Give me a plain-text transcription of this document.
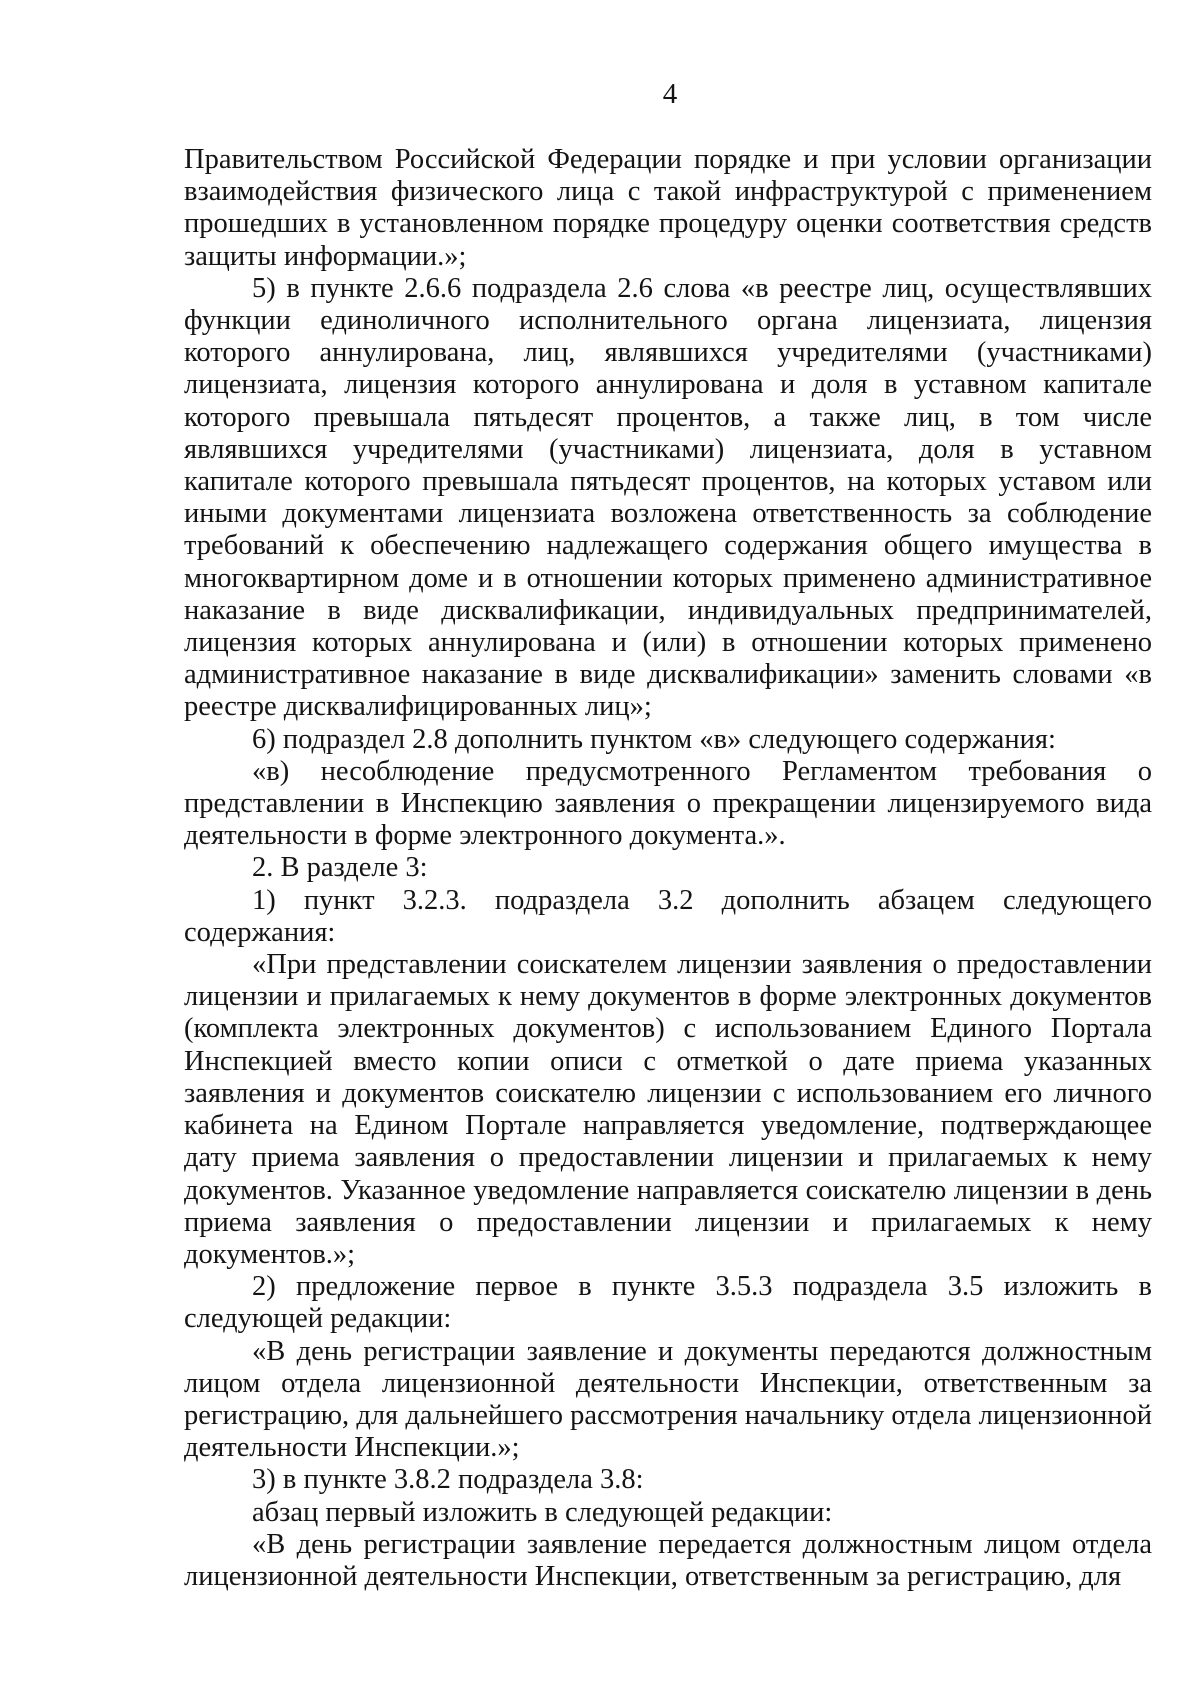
4

Правительством Российской Федерации порядке и при условии организации взаимодействия физического лица с такой инфраструктурой с применением прошедших в установленном порядке процедуру оценки соответствия средств защиты информации.»;

5) в пункте 2.6.6 подраздела 2.6 слова «в реестре лиц, осуществлявших функции единоличного исполнительного органа лицензиата, лицензия которого аннулирована, лиц, являвшихся учредителями (участниками) лицензиата, лицензия которого аннулирована и доля в уставном капитале которого превышала пятьдесят процентов, а также лиц, в том числе являвшихся учредителями (участниками) лицензиата, доля в уставном капитале которого превышала пятьдесят процентов, на которых уставом или иными документами лицензиата возложена ответственность за соблюдение требований к обеспечению надлежащего содержания общего имущества в многоквартирном доме и в отношении которых применено административное наказание в виде дисквалификации, индивидуальных предпринимателей, лицензия которых аннулирована и (или) в отношении которых применено административное наказание в виде дисквалификации» заменить словами «в реестре дисквалифицированных лиц»;

6) подраздел 2.8 дополнить пунктом «в» следующего содержания:

«в) несоблюдение предусмотренного Регламентом требования о представлении в Инспекцию заявления о прекращении лицензируемого вида деятельности в форме электронного документа.».

2. В разделе 3:

1) пункт 3.2.3. подраздела 3.2 дополнить абзацем следующего содержания:

«При представлении соискателем лицензии заявления о предоставлении лицензии и прилагаемых к нему документов в форме электронных документов (комплекта электронных документов) с использованием Единого Портала Инспекцией вместо копии описи с отметкой о дате приема указанных заявления и документов соискателю лицензии с использованием его личного кабинета на Едином Портале направляется уведомление, подтверждающее дату приема заявления о предоставлении лицензии и прилагаемых к нему документов. Указанное уведомление направляется соискателю лицензии в день приема заявления о предоставлении лицензии и прилагаемых к нему документов.»;

2) предложение первое в пункте 3.5.3 подраздела 3.5 изложить в следующей редакции:

«В день регистрации заявление и документы передаются должностным лицом отдела лицензионной деятельности Инспекции, ответственным за регистрацию, для дальнейшего рассмотрения начальнику отдела лицензионной деятельности Инспекции.»;

3) в пункте 3.8.2 подраздела 3.8:

абзац первый изложить в следующей редакции:

«В день регистрации заявление передается должностным лицом отдела лицензионной деятельности Инспекции, ответственным за регистрацию, для
